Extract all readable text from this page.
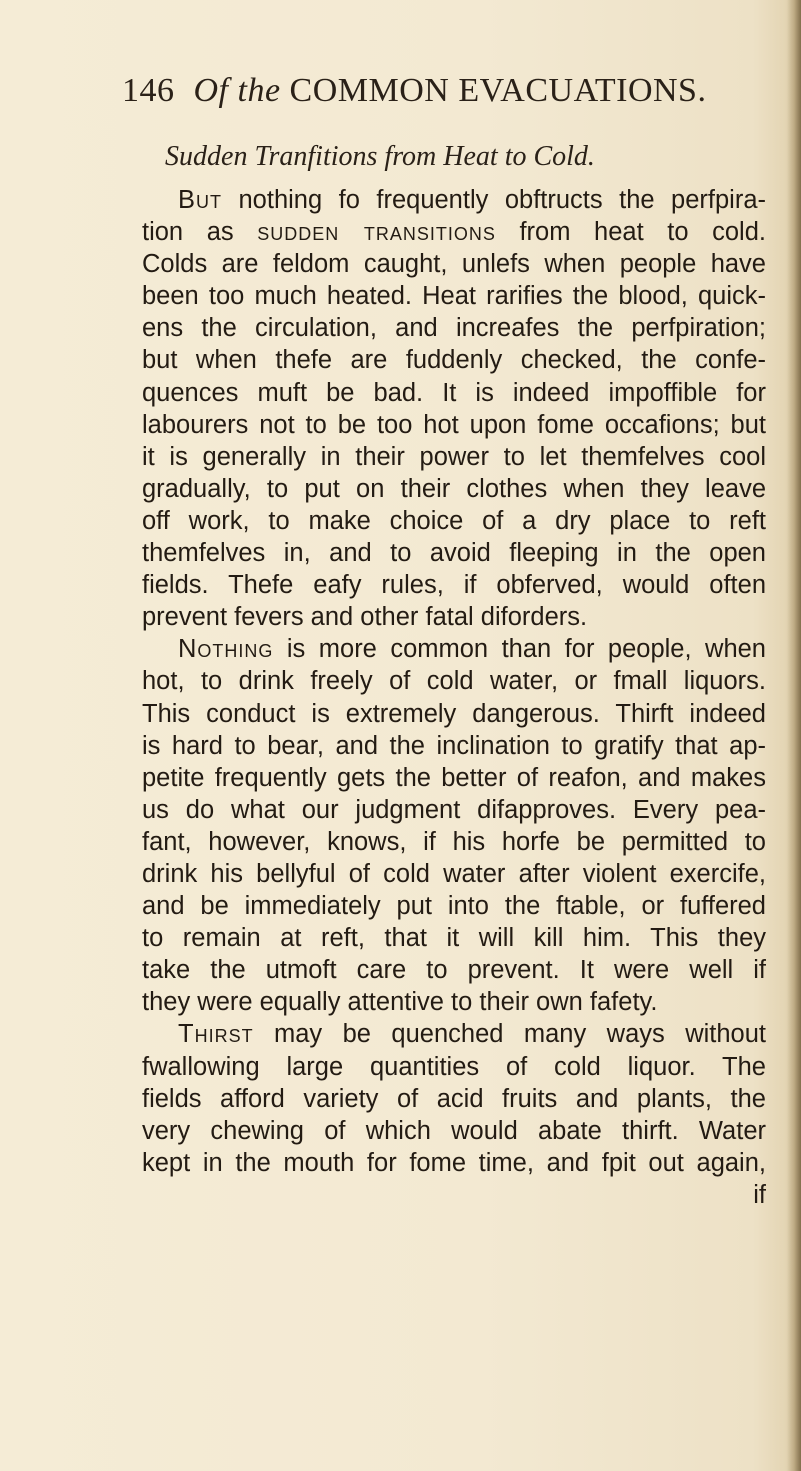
146 Of the COMMON EVACUATIONS.
Sudden Tranfitions from Heat to Cold.
But nothing fo frequently obftructs the perfpira-
tion as sudden transitions from heat to cold.
Colds are feldom caught, unlefs when people have
been too much heated. Heat rarifies the blood, quick-
ens the circulation, and increafes the perfpiration;
but when thefe are fuddenly checked, the confe-
quences muft be bad. It is indeed impoffible for
labourers not to be too hot upon fome occafions; but
it is generally in their power to let themfelves cool
gradually, to put on their clothes when they leave
off work, to make choice of a dry place to reft
themfelves in, and to avoid fleeping in the open
fields. Thefe eafy rules, if obferved, would often
prevent fevers and other fatal diforders.
Nothing is more common than for people, when
hot, to drink freely of cold water, or fmall liquors.
This conduct is extremely dangerous. Thirft indeed
is hard to bear, and the inclination to gratify that ap-
petite frequently gets the better of reafon, and makes
us do what our judgment difapproves. Every pea-
fant, however, knows, if his horfe be permitted to
drink his bellyful of cold water after violent exercife,
and be immediately put into the ftable, or fuffered
to remain at reft, that it will kill him. This they
take the utmoft care to prevent. It were well if
they were equally attentive to their own fafety.
Thirst may be quenched many ways without
fwallowing large quantities of cold liquor. The
fields afford variety of acid fruits and plants, the
very chewing of which would abate thirft. Water
kept in the mouth for fome time, and fpit out again,
if
